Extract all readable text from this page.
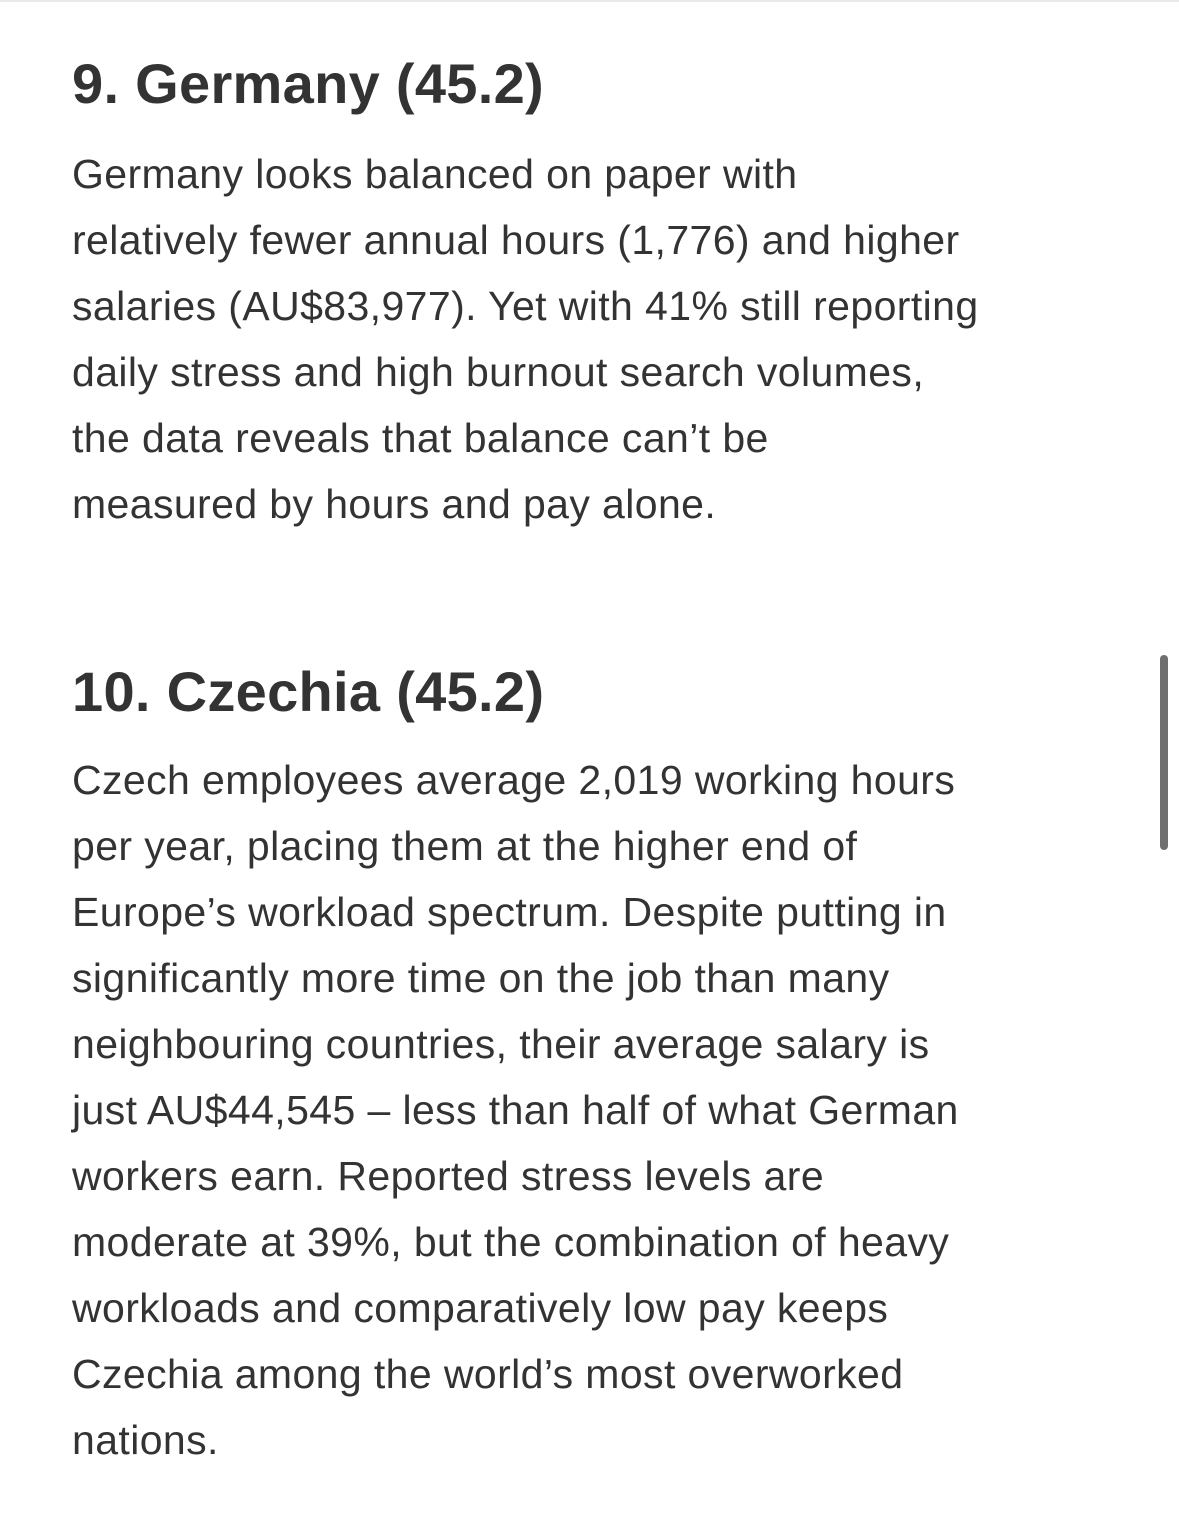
9. Germany (45.2)

Germany looks balanced on paper with
relatively fewer annual hours (1,776) and higher
salaries (AU$83,977). Yet with 41% still reporting
daily stress and high burnout search volumes,
the data reveals that balance can’t be
measured by hours and pay alone.

10. Czechia (45.2)

Czech employees average 2,019 working hours
per year, placing them at the higher end of
Europe’s workload spectrum. Despite putting in
significantly more time on the job than many
neighbouring countries, their average salary is
just AU$44,545 – less than half of what German
workers earn. Reported stress levels are
moderate at 39%, but the combination of heavy
workloads and comparatively low pay keeps
Czechia among the world’s most overworked
nations.
